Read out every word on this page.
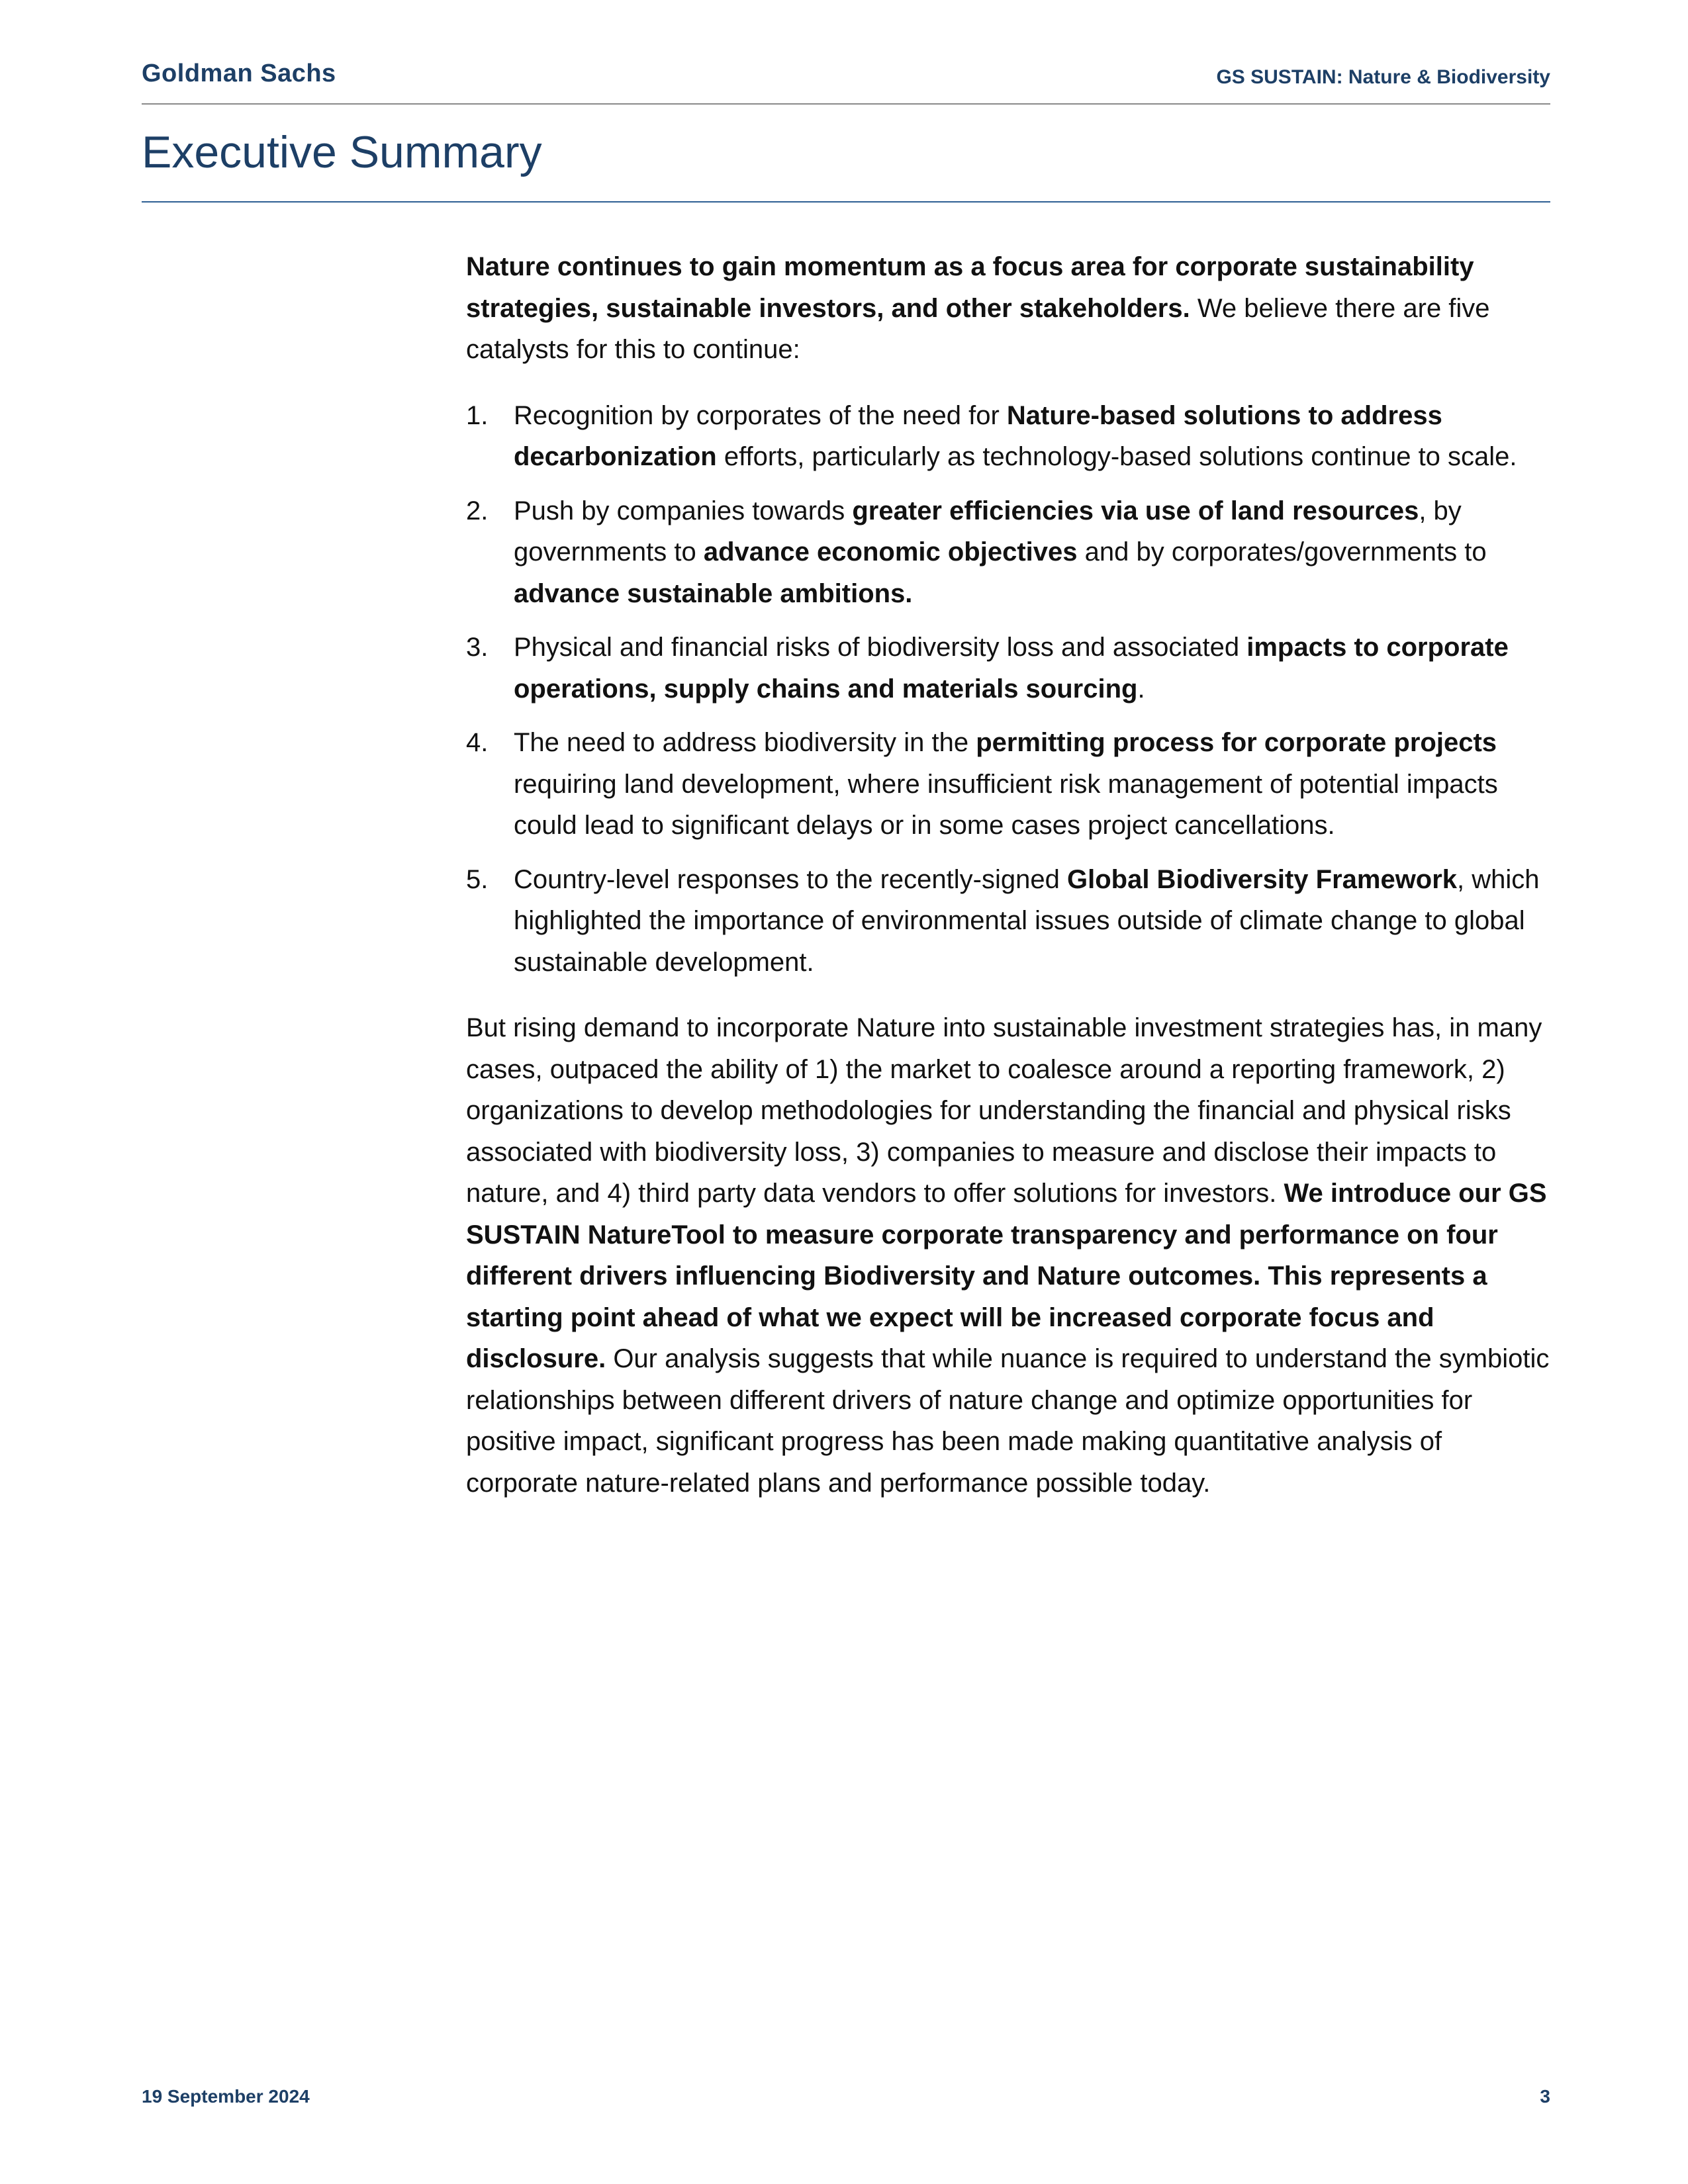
Goldman Sachs	GS SUSTAIN: Nature & Biodiversity
Executive Summary

Nature continues to gain momentum as a focus area for corporate sustainability strategies, sustainable investors, and other stakeholders. We believe there are five catalysts for this to continue:

1. Recognition by corporates of the need for Nature-based solutions to address decarbonization efforts, particularly as technology-based solutions continue to scale.
2. Push by companies towards greater efficiencies via use of land resources, by governments to advance economic objectives and by corporates/governments to advance sustainable ambitions.
3. Physical and financial risks of biodiversity loss and associated impacts to corporate operations, supply chains and materials sourcing.
4. The need to address biodiversity in the permitting process for corporate projects requiring land development, where insufficient risk management of potential impacts could lead to significant delays or in some cases project cancellations.
5. Country-level responses to the recently-signed Global Biodiversity Framework, which highlighted the importance of environmental issues outside of climate change to global sustainable development.

But rising demand to incorporate Nature into sustainable investment strategies has, in many cases, outpaced the ability of 1) the market to coalesce around a reporting framework, 2) organizations to develop methodologies for understanding the financial and physical risks associated with biodiversity loss, 3) companies to measure and disclose their impacts to nature, and 4) third party data vendors to offer solutions for investors. We introduce our GS SUSTAIN NatureTool to measure corporate transparency and performance on four different drivers influencing Biodiversity and Nature outcomes. This represents a starting point ahead of what we expect will be increased corporate focus and disclosure. Our analysis suggests that while nuance is required to understand the symbiotic relationships between different drivers of nature change and optimize opportunities for positive impact, significant progress has been made making quantitative analysis of corporate nature-related plans and performance possible today.

19 September 2024	3
